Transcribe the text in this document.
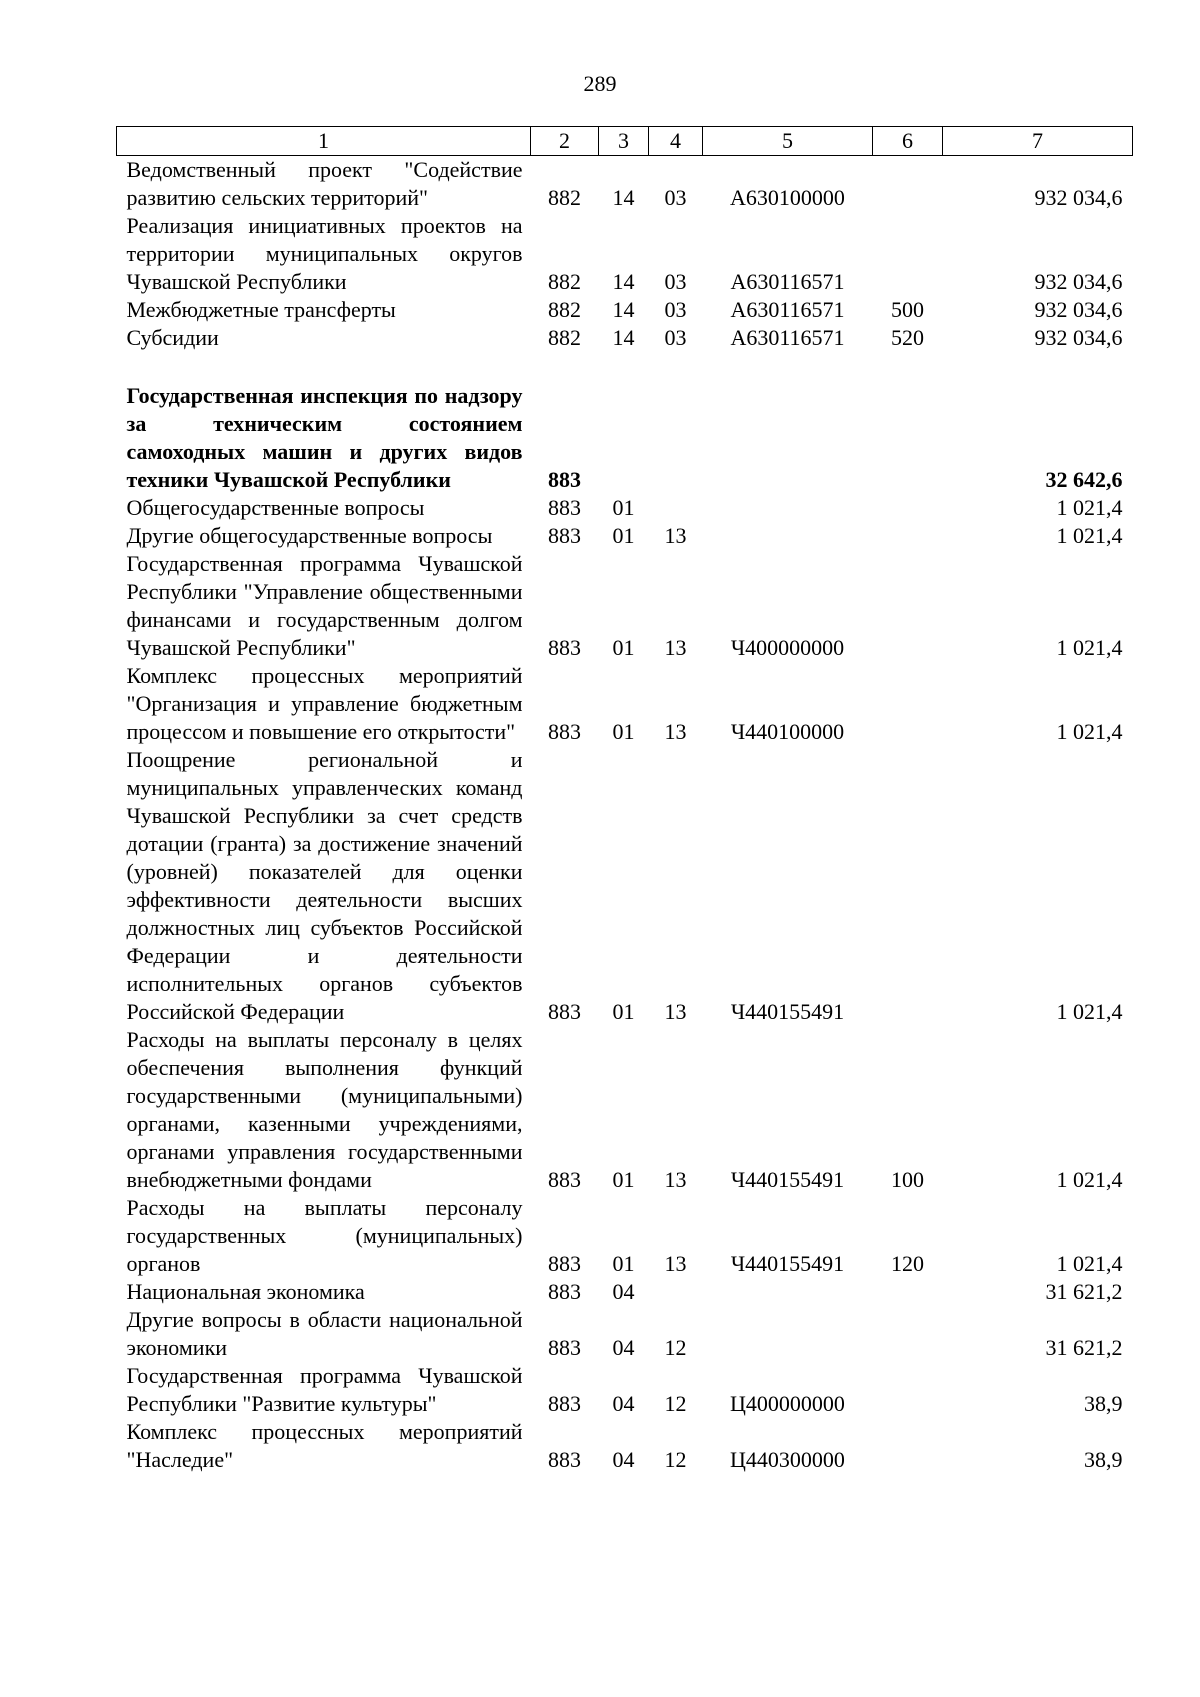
289
1	2	3	4	5	6	7
Ведомственный проект "Содействие развитию сельских территорий"	882	14	03	А630100000		932 034,6
Реализация инициативных проектов на территории муниципальных округов Чувашской Республики	882	14	03	А630116571		932 034,6
Межбюджетные трансферты	882	14	03	А630116571	500	932 034,6
Субсидии	882	14	03	А630116571	520	932 034,6

Государственная инспекция по надзору за техническим состоянием самоходных машин и других видов техники Чувашской Республики	883					32 642,6
Общегосударственные вопросы	883	01				1 021,4
Другие общегосударственные вопросы	883	01	13			1 021,4
Государственная программа Чувашской Республики "Управление общественными финансами и государственным долгом Чувашской Республики"	883	01	13	Ч400000000		1 021,4
Комплекс процессных мероприятий "Организация и управление бюджетным процессом и повышение его открытости"	883	01	13	Ч440100000		1 021,4
Поощрение региональной и муниципальных управленческих команд Чувашской Республики за счет средств дотации (гранта) за достижение значений (уровней) показателей для оценки эффективности деятельности высших должностных лиц субъектов Российской Федерации и деятельности исполнительных органов субъектов Российской Федерации	883	01	13	Ч440155491		1 021,4
Расходы на выплаты персоналу в целях обеспечения выполнения функций государственными (муниципальными) органами, казенными учреждениями, органами управления государственными внебюджетными фондами	883	01	13	Ч440155491	100	1 021,4
Расходы на выплаты персоналу государственных (муниципальных) органов	883	01	13	Ч440155491	120	1 021,4
Национальная экономика	883	04				31 621,2
Другие вопросы в области национальной экономики	883	04	12			31 621,2
Государственная программа Чувашской Республики "Развитие культуры"	883	04	12	Ц400000000		38,9
Комплекс процессных мероприятий "Наследие"	883	04	12	Ц440300000		38,9
